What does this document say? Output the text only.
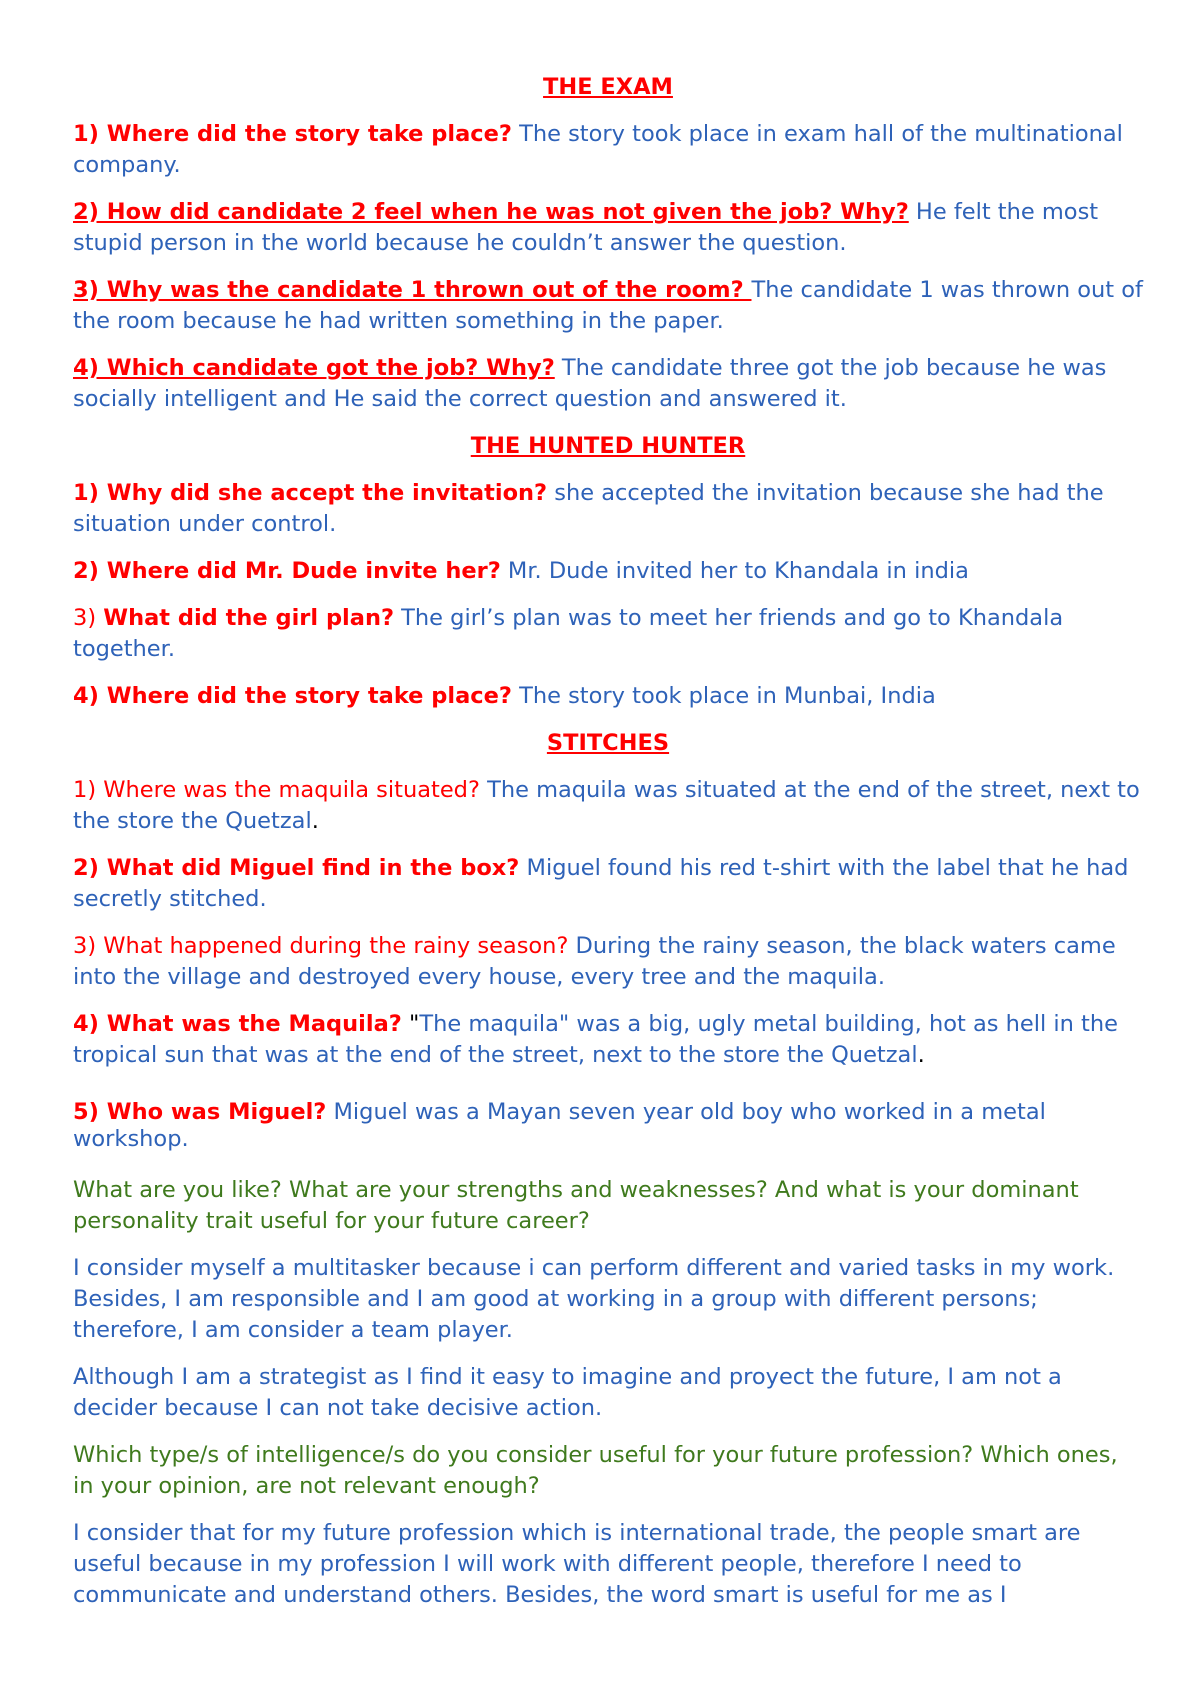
THE EXAM
1) Where did the story take place? The story took place in exam hall of the multinational company.
2) How did candidate 2 feel when he was not given the job? Why? He felt the most stupid person in the world because he couldn’t answer the question.
3) Why was the candidate 1 thrown out of the room? The candidate 1 was thrown out of the room because he had written something in the paper.
4) Which candidate got the job? Why? The candidate three got the job because he was socially intelligent and He said the correct question and answered it.
THE HUNTED HUNTER
1) Why did she accept the invitation? she accepted the invitation because she had the situation under control.
2) Where did Mr. Dude invite her? Mr. Dude invited her to Khandala in india
3) What did the girl plan? The girl’s plan was to meet her friends and go to Khandala together.
4) Where did the story take place? The story took place in Munbai, India
STITCHES
1) Where was the maquila situated? The maquila was situated at the end of the street, next to the store the Quetzal.
2) What did Miguel find in the box? Miguel found his red t-shirt with the label that he had secretly stitched.
3) What happened during the rainy season? During the rainy season, the black waters came into the village and destroyed every house, every tree and the maquila.
4) What was the Maquila? "The maquila" was a big, ugly metal building, hot as hell in the tropical sun that was at the end of the street, next to the store the Quetzal.
5) Who was Miguel? Miguel was a Mayan seven year old boy who worked in a metal workshop.
What are you like? What are your strengths and weaknesses? And what is your dominant personality trait useful for your future career?
I consider myself a multitasker because i can perform different and varied tasks in my work. Besides, I am responsible and I am good at working in a group with different persons; therefore, I am consider a team player.
Although I am a strategist as I find it easy to imagine and proyect the future, I am not a decider because I can not take decisive action.
Which type/s of intelligence/s do you consider useful for your future profession? Which ones, in your opinion, are not relevant enough?
I consider that for my future profession which is international trade, the people smart are useful because in my profession I will work with different people, therefore I need to communicate and understand others. Besides, the word smart is useful for me as I
